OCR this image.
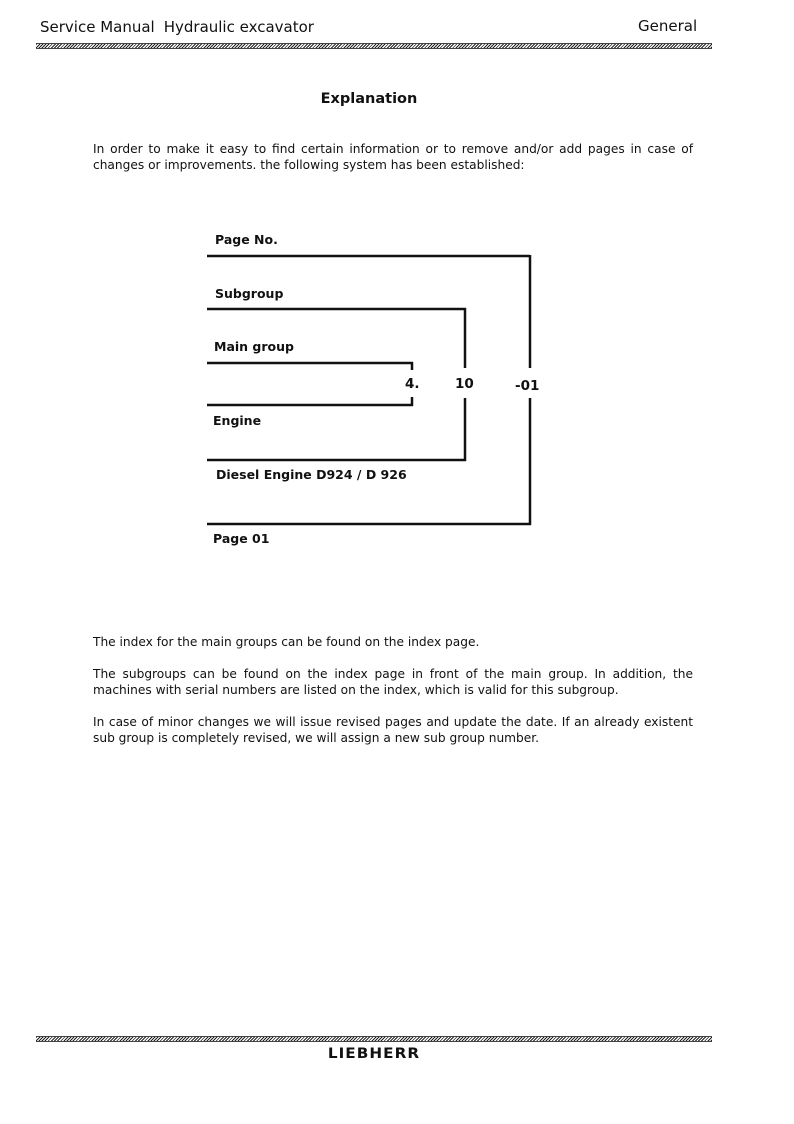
Service Manual Hydraulic excavator	General
Explanation
In order to make it easy to find certain information or to remove and/or add pages in case of changes or improvements. the following system has been established:
Page No.
Subgroup
Main group
4.	10	-01
Engine
Diesel Engine D924 / D 926
Page 01
The index for the main groups can be found on the index page.
The subgroups can be found on the index page in front of the main group. In addition, the machines with serial numbers are listed on the index, which is valid for this subgroup.
In case of minor changes we will issue revised pages and update the date. If an already existent sub group is completely revised, we will assign a new sub group number.
LIEBHERR
